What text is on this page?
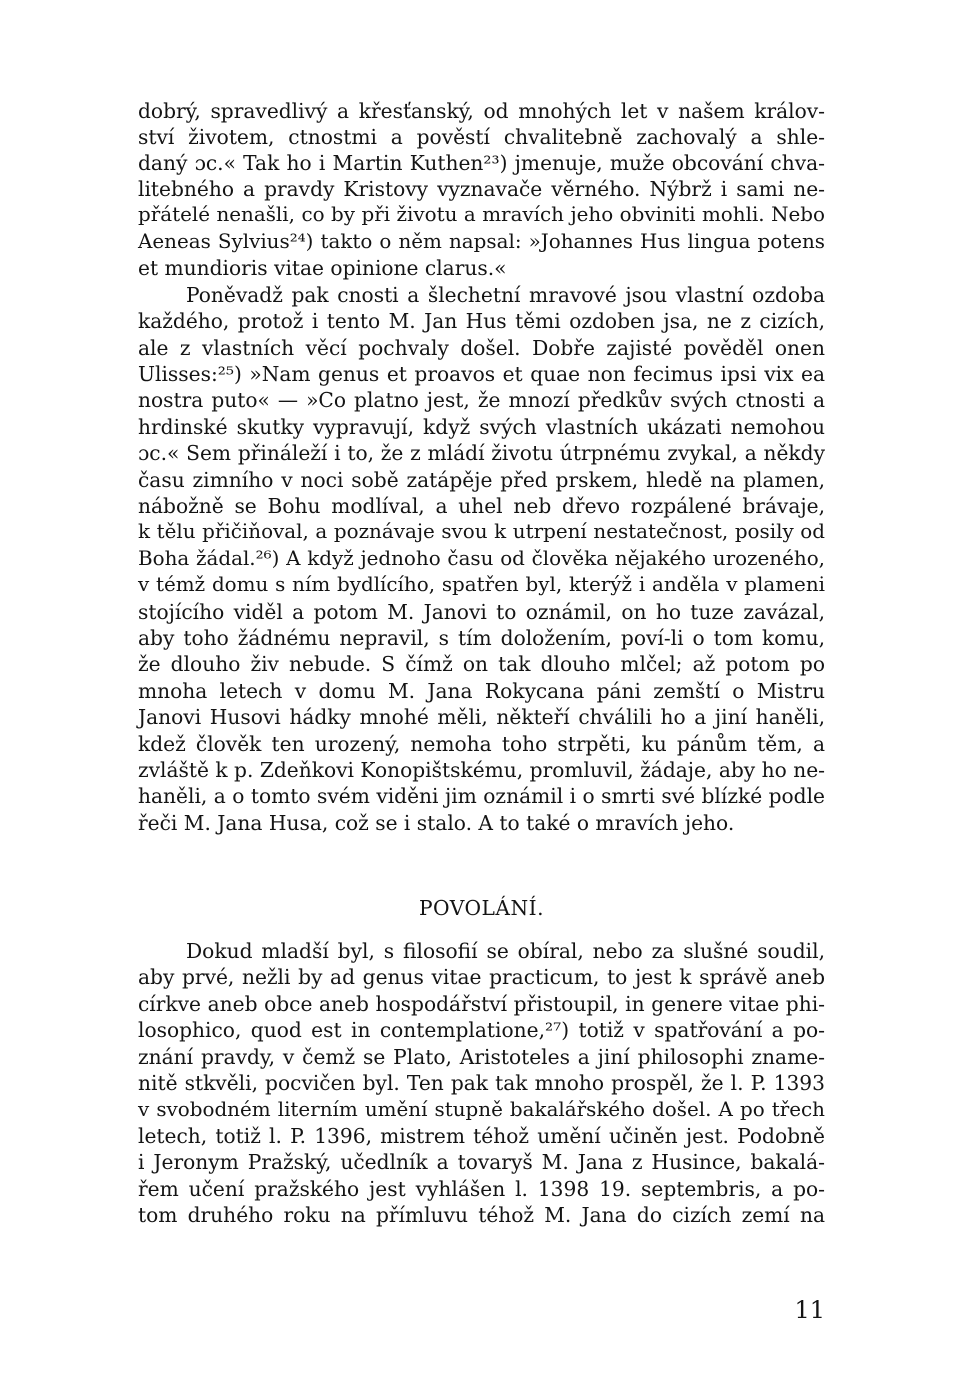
dobrý, spravedlivý a křesťanský, od mnohých let v našem králov-
ství životem, ctnostmi a pověstí chvalitebně zachovalý a shle-
daný ɔc.« Tak ho i Martin Kuthen²³) jmenuje, muže obcování chva-
litebného a pravdy Kristovy vyznavače věrného. Nýbrž i sami ne-
přátelé nenašli, co by při životu a mravích jeho obviniti mohli. Nebo
Aeneas Sylvius²⁴) takto o něm napsal: »Johannes Hus lingua potens
et mundioris vitae opinione clarus.«
Poněvadž pak cnosti a šlechetní mravové jsou vlastní ozdoba
každého, protož i tento M. Jan Hus těmi ozdoben jsa, ne z cizích,
ale z vlastních věcí pochvaly došel. Dobře zajisté pověděl onen
Ulisses:²⁵) »Nam genus et proavos et quae non fecimus ipsi vix ea
nostra puto« — »Co platno jest, že mnozí předkův svých ctnosti a
hrdinské skutky vypravují, když svých vlastních ukázati nemohou
ɔc.« Sem přináleží i to, že z mládí životu útrpnému zvykal, a někdy
času zimního v noci sobě zatápěje před prskem, hledě na plamen,
nábožně se Bohu modlíval, a uhel neb dřevo rozpálené brávaje,
k tělu přičiňoval, a poznávaje svou k utrpení nestatečnost, posily od
Boha žádal.²⁶) A když jednoho času od člověka nějakého urozeného,
v témž domu s ním bydlícího, spatřen byl, kterýž i anděla v plameni
stojícího viděl a potom M. Janovi to oznámil, on ho tuze zavázal,
aby toho žádnému nepravil, s tím doložením, poví-li o tom komu,
že dlouho živ nebude. S čímž on tak dlouho mlčel; až potom po
mnoha letech v domu M. Jana Rokycana páni zemští o Mistru
Janovi Husovi hádky mnohé měli, někteří chválili ho a jiní haněli,
kdež člověk ten urozený, nemoha toho strpěti, ku pánům těm, a
zvláště k p. Zdeňkovi Konopištskému, promluvil, žádaje, aby ho ne-
haněli, a o tomto svém viděni jim oznámil i o smrti své blízké podle
řeči M. Jana Husa, což se i stalo. A to také o mravích jeho.
POVOLÁNÍ.
Dokud mladší byl, s filosofií se obíral, nebo za slušné soudil,
aby prvé, nežli by ad genus vitae practicum, to jest k správě aneb
církve aneb obce aneb hospodářství přistoupil, in genere vitae phi-
losophico, quod est in contemplatione,²⁷) totiž v spatřování a po-
znání pravdy, v čemž se Plato, Aristoteles a jiní philosophi zname-
nitě stkvěli, pocvičen byl. Ten pak tak mnoho prospěl, že l. P. 1393
v svobodném literním umění stupně bakalářského došel. A po třech
letech, totiž l. P. 1396, mistrem téhož umění učiněn jest. Podobně
i Jeronym Pražský, učedlník a tovaryš M. Jana z Husince, bakalá-
řem učení pražského jest vyhlášen l. 1398 19. septembris, a po-
tom druhého roku na přímluvu téhož M. Jana do cizích zemí na
11
